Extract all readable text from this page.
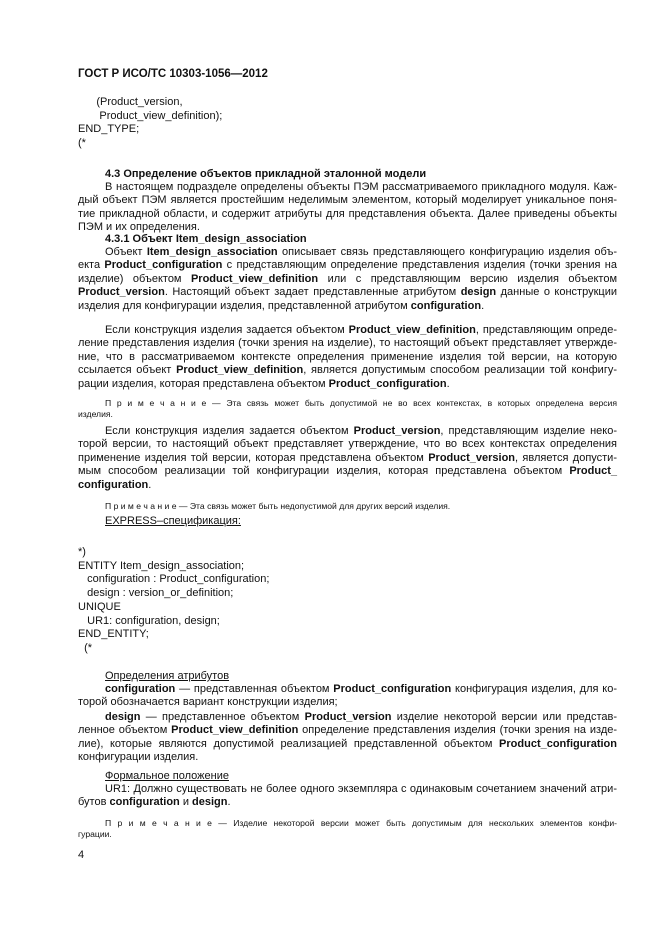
ГОСТ Р ИСО/ТС 10303-1056—2012
(Product_version,
Product_view_definition);
END_TYPE;
(*
4.3 Определение объектов прикладной эталонной модели
В настоящем подразделе определены объекты ПЭМ рассматриваемого прикладного модуля. Каж-
дый объект ПЭМ является простейшим неделимым элементом, который моделирует уникальное поня-
тие прикладной области, и содержит атрибуты для представления объекта. Далее приведены объекты
ПЭМ и их определения.
4.3.1 Объект Item_design_association
Объект Item_design_association описывает связь представляющего конфигурацию изделия объ-
екта Product_configuration с представляющим определение представления изделия (точки зрения на
изделие) объектом Product_view_definition или с представляющим версию изделия объектом
Product_version. Настоящий объект задает представленные атрибутом design данные о конструкции
изделия для конфигурации изделия, представленной атрибутом configuration.
Если конструкция изделия задается объектом Product_view_definition, представляющим опреде-
ление представления изделия (точки зрения на изделие), то настоящий объект представляет утвержде-
ние, что в рассматриваемом контексте определения применение изделия той версии, на которую
ссылается объект Product_view_definition, является допустимым способом реализации той конфигу-
рации изделия, которая представлена объектом Product_configuration.
П р и м е ч а н и е — Эта связь может быть допустимой не во всех контекстах, в которых определена версия
изделия.
Если конструкция изделия задается объектом Product_version, представляющим изделие неко-
торой версии, то настоящий объект представляет утверждение, что во всех контекстах определения
применение изделия той версии, которая представлена объектом Product_version, является допусти-
мым способом реализации той конфигурации изделия, которая представлена объектом Product_
configuration.
П р и м е ч а н и е — Эта связь может быть недопустимой для других версий изделия.
EXPRESS–спецификация:
*)
ENTITY Item_design_association;
configuration : Product_configuration;
design : version_or_definition;
UNIQUE
UR1: configuration, design;
END_ENTITY;
(*
Определения атрибутов
configuration — представленная объектом Product_configuration конфигурация изделия, для ко-
торой обозначается вариант конструкции изделия;
design — представленное объектом Product_version изделие некоторой версии или представ-
ленное объектом Product_view_definition определение представления изделия (точки зрения на изде-
лие), которые являются допустимой реализацией представленной объектом Product_configuration
конфигурации изделия.
Формальное положение
UR1: Должно существовать не более одного экземпляра с одинаковым сочетанием значений атри-
бутов configuration и design.
П р и м е ч а н и е — Изделие некоторой версии может быть допустимым для нескольких элементов конфи-
гурации.
4
